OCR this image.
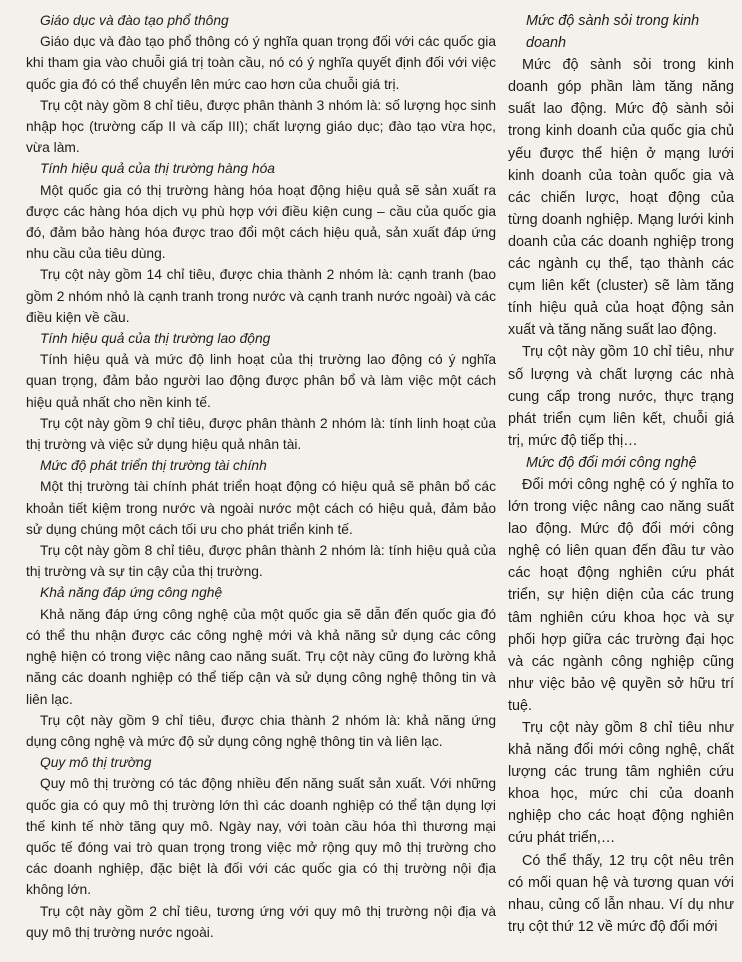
Giáo dục và đào tạo phổ thông

Giáo dục và đào tạo phổ thông có ý nghĩa quan trọng đối với các quốc gia khi tham gia vào chuỗi giá trị toàn cầu, nó có ý nghĩa quyết định đối với việc quốc gia đó có thể chuyển lên mức cao hơn của chuỗi giá trị.

Trụ cột này gồm 8 chỉ tiêu, được phân thành 3 nhóm là: số lượng học sinh nhập học (trường cấp II và cấp III); chất lượng giáo dục; đào tạo vừa học, vừa làm.

Tính hiệu quả của thị trường hàng hóa

Một quốc gia có thị trường hàng hóa hoạt động hiệu quả sẽ sản xuất ra được các hàng hóa dịch vụ phù hợp với điều kiện cung – cầu của quốc gia đó, đảm bảo hàng hóa được trao đổi một cách hiệu quả, sản xuất đáp ứng nhu cầu của tiêu dùng.

Trụ cột này gồm 14 chỉ tiêu, được chia thành 2 nhóm là: cạnh tranh (bao gồm 2 nhóm nhỏ là cạnh tranh trong nước và cạnh tranh nước ngoài) và các điều kiện về cầu.

Tính hiệu quả của thị trường lao động

Tính hiệu quả và mức độ linh hoạt của thị trường lao động có ý nghĩa quan trọng, đảm bảo người lao động được phân bổ và làm việc một cách hiệu quả nhất cho nền kinh tế.

Trụ cột này gồm 9 chỉ tiêu, được phân thành 2 nhóm là: tính linh hoạt của thị trường và việc sử dụng hiệu quả nhân tài.

Mức độ phát triển thị trường tài chính

Một thị trường tài chính phát triển hoạt động có hiệu quả sẽ phân bổ các khoản tiết kiệm trong nước và ngoài nước một cách có hiệu quả, đảm bảo sử dụng chúng một cách tối ưu cho phát triển kinh tế.

Trụ cột này gồm 8 chỉ tiêu, được phân thành 2 nhóm là: tính hiệu quả của thị trường và sự tin cậy của thị trường.

Khả năng đáp ứng công nghệ

Khả năng đáp ứng công nghệ của một quốc gia sẽ dẫn đến quốc gia đó có thể thu nhận được các công nghệ mới và khả năng sử dụng các công nghệ hiện có trong việc nâng cao năng suất. Trụ cột này cũng đo lường khả năng các doanh nghiệp có thể tiếp cận và sử dụng công nghệ thông tin và liên lạc.

Trụ cột này gồm 9 chỉ tiêu, được chia thành 2 nhóm là: khả năng ứng dụng công nghệ và mức độ sử dụng công nghệ thông tin và liên lạc.

Quy mô thị trường

Quy mô thị trường có tác động nhiều đến năng suất sản xuất. Với những quốc gia có quy mô thị trường lớn thì các doanh nghiệp có thể tận dụng lợi thế kinh tế nhờ tăng quy mô. Ngày nay, với toàn cầu hóa thì thương mại quốc tế đóng vai trò quan trọng trong việc mở rộng quy mô thị trường cho các doanh nghiệp, đặc biệt là đối với các quốc gia có thị trường nội địa không lớn.

Trụ cột này gồm 2 chỉ tiêu, tương ứng với quy mô thị trường nội địa và quy mô thị trường nước ngoài.

Mức độ sành sỏi trong kinh doanh

Mức độ sành sỏi trong kinh doanh góp phần làm tăng năng suất lao động. Mức độ sành sỏi trong kinh doanh của quốc gia chủ yếu được thể hiện ở mạng lưới kinh doanh của toàn quốc gia và các chiến lược, hoạt động của từng doanh nghiệp. Mạng lưới kinh doanh của các doanh nghiệp trong các ngành cụ thể, tạo thành các cụm liên kết (cluster) sẽ làm tăng tính hiệu quả của hoạt động sản xuất và tăng năng suất lao động.

Trụ cột này gồm 10 chỉ tiêu, như số lượng và chất lượng các nhà cung cấp trong nước, thực trạng phát triển cụm liên kết, chuỗi giá trị, mức độ tiếp thị…

Mức độ đổi mới công nghệ

Đổi mới công nghệ có ý nghĩa to lớn trong việc nâng cao năng suất lao động. Mức độ đổi mới công nghệ có liên quan đến đầu tư vào các hoạt động nghiên cứu phát triển, sự hiện diện của các trung tâm nghiên cứu khoa học và sự phối hợp giữa các trường đại học và các ngành công nghiệp cũng như việc bảo vệ quyền sở hữu trí tuệ.

Trụ cột này gồm 8 chỉ tiêu như khả năng đổi mới công nghệ, chất lượng các trung tâm nghiên cứu khoa học, mức chi của doanh nghiệp cho các hoạt động nghiên cứu phát triển,…

Có thể thấy, 12 trụ cột nêu trên có mối quan hệ và tương quan với nhau, củng cố lẫn nhau. Ví dụ như trụ cột thứ 12 về mức độ đổi mới
